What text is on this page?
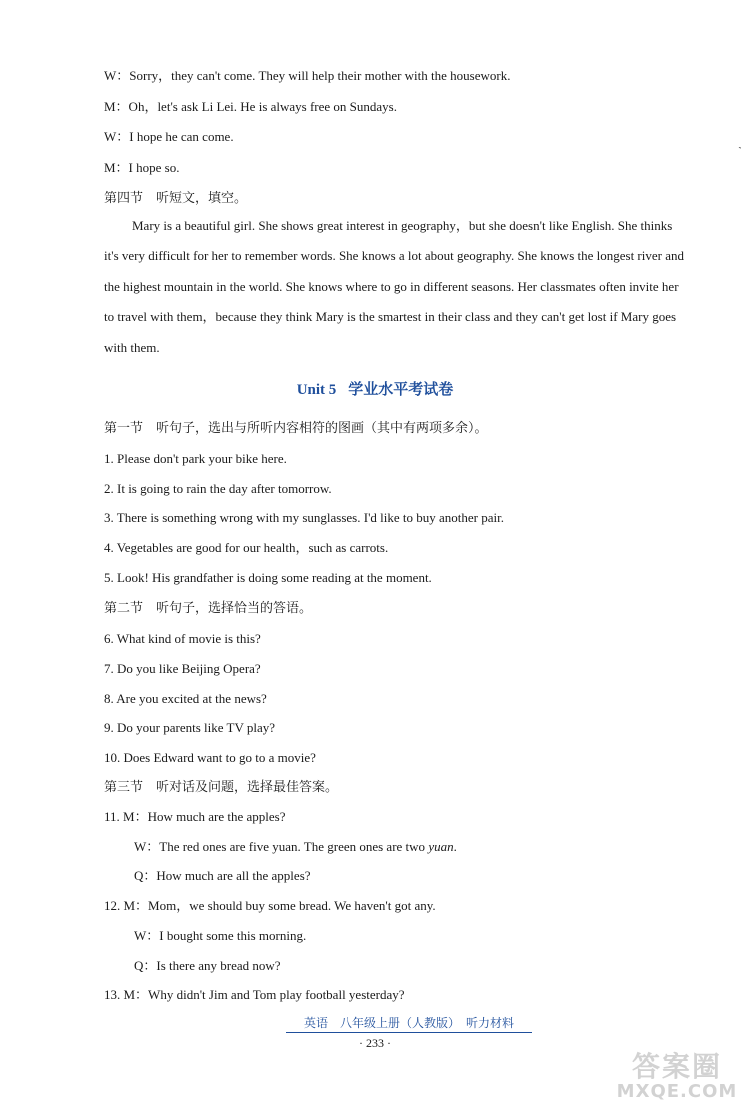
W：Sorry，they can't come. They will help their mother with the housework.
M：Oh，let's ask Li Lei. He is always free on Sundays.
W：I hope he can come.
M：I hope so.
第四节　听短文，填空。
Mary is a beautiful girl. She shows great interest in geography，but she doesn't like English. She thinks
it's very difficult for her to remember words. She knows a lot about geography. She knows the longest river and
the highest mountain in the world. She knows where to go in different seasons. Her classmates often invite her
to travel with them，because they think Mary is the smartest in their class and they can't get lost if Mary goes
with them.
˺
Unit 5 学业水平考试卷
第一节　听句子，选出与所听内容相符的图画（其中有两项多余）。
1. Please don't park your bike here.
2. It is going to rain the day after tomorrow.
3. There is something wrong with my sunglasses. I'd like to buy another pair.
4. Vegetables are good for our health，such as carrots.
5. Look! His grandfather is doing some reading at the moment.
第二节　听句子，选择恰当的答语。
6. What kind of movie is this?
7. Do you like Beijing Opera?
8. Are you excited at the news?
9. Do your parents like TV play?
10. Does Edward want to go to a movie?
第三节　听对话及问题，选择最佳答案。
11. M：How much are the apples?
W：The red ones are five yuan. The green ones are two yuan.
Q：How much are all the apples?
12. M：Mom，we should buy some bread. We haven't got any.
W：I bought some this morning.
Q：Is there any bread now?
13. M：Why didn't Jim and Tom play football yesterday?
英语　八年级上册（人教版）　听力材料
· 233 ·
答案圈
MXQE.COM
